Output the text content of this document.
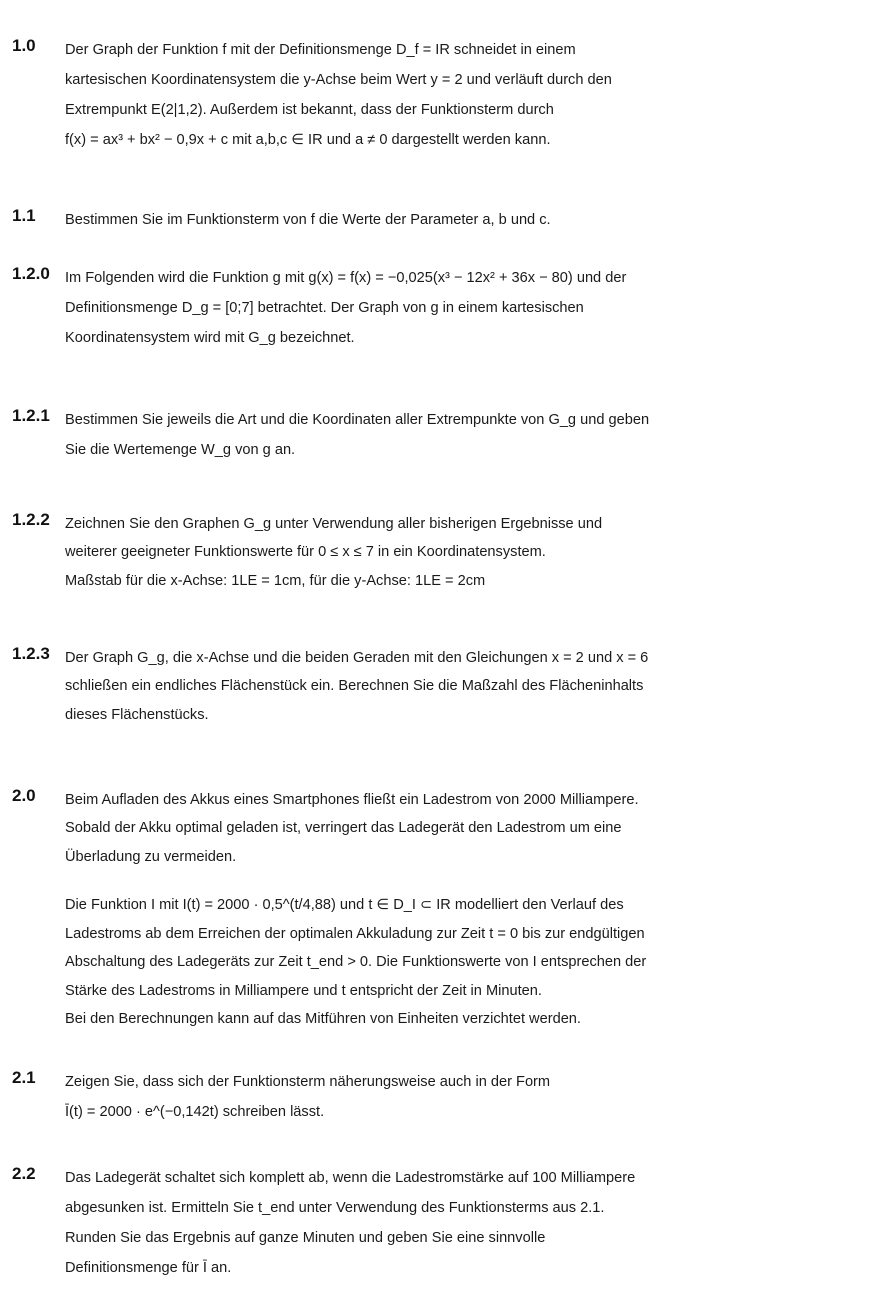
1.0 Der Graph der Funktion f mit der Definitionsmenge D_f = IR schneidet in einem

kartesischen Koordinatensystem die y-Achse beim Wert y = 2 und verläuft durch den

Extrempunkt E(2|1,2). Außerdem ist bekannt, dass der Funktionsterm durch

f(x) = ax³ + bx² − 0,9x + c mit a,b,c ∈ IR und a ≠ 0 dargestellt werden kann.

1.1 Bestimmen Sie im Funktionsterm von f die Werte der Parameter a, b und c.

1.2.0 Im Folgenden wird die Funktion g mit g(x) = f(x) = −0,025(x³ − 12x² + 36x − 80) und der

Definitionsmenge D_g = [0;7] betrachtet. Der Graph von g in einem kartesischen

Koordinatensystem wird mit G_g bezeichnet.

1.2.1 Bestimmen Sie jeweils die Art und die Koordinaten aller Extrempunkte von G_g und geben

Sie die Wertemenge W_g von g an.

1.2.2 Zeichnen Sie den Graphen G_g unter Verwendung aller bisherigen Ergebnisse und

weiterer geeigneter Funktionswerte für 0 ≤ x ≤ 7 in ein Koordinatensystem.

Maßstab für die x-Achse: 1LE = 1cm, für die y-Achse: 1LE = 2cm

1.2.3 Der Graph G_g, die x-Achse und die beiden Geraden mit den Gleichungen x = 2 und x = 6

schließen ein endliches Flächenstück ein. Berechnen Sie die Maßzahl des Flächeninhalts

dieses Flächenstücks.

2.0 Beim Aufladen des Akkus eines Smartphones fließt ein Ladestrom von 2000 Milliampere.

Sobald der Akku optimal geladen ist, verringert das Ladegerät den Ladestrom um eine

Überladung zu vermeiden.

Die Funktion I mit I(t) = 2000 · 0,5^(t/4,88) und t ∈ D_I ⊂ IR modelliert den Verlauf des

Ladestroms ab dem Erreichen der optimalen Akkuladung zur Zeit t = 0 bis zur endgültigen

Abschaltung des Ladegeräts zur Zeit t_end > 0. Die Funktionswerte von I entsprechen der

Stärke des Ladestroms in Milliampere und t entspricht der Zeit in Minuten.

Bei den Berechnungen kann auf das Mitführen von Einheiten verzichtet werden.

2.1 Zeigen Sie, dass sich der Funktionsterm näherungsweise auch in der Form

Ī(t) = 2000 · e^(−0,142t) schreiben lässt.

2.2 Das Ladegerät schaltet sich komplett ab, wenn die Ladestromstärke auf 100 Milliampere

abgesunken ist. Ermitteln Sie t_end unter Verwendung des Funktionsterms aus 2.1.

Runden Sie das Ergebnis auf ganze Minuten und geben Sie eine sinnvolle

Definitionsmenge für Ī an.
